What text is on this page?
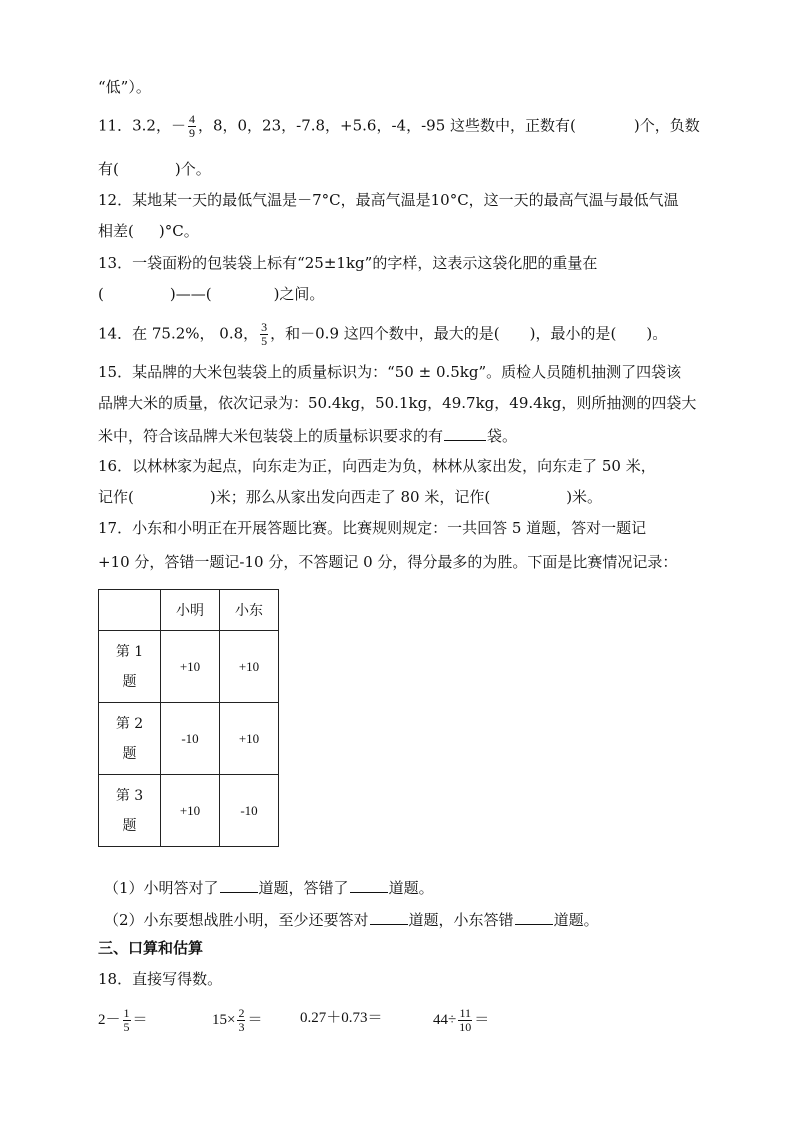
“低”）。
11．3.2，－ $\frac{4}{9}$ ，8，0，23，-7.8，+5.6，-4，-95 这些数中，正数有(	)个，负数
有(	)个。
12．某地某一天的最低气温是－7°C，最高气温是10°C，这一天的最高气温与最低气温
相差( )°C。
13．一袋面粉的包装袋上标有“25±1kg”的字样，这表示这袋化肥的重量在
(	)——(	)之间。
14．在 75.2%， 0.8， $\frac{3}{5}$ ，和－0.9 这四个数中，最大的是( )，最小的是( )。
15．某品牌的大米包装袋上的质量标识为：“50 ± 0.5kg”。质检人员随机抽测了四袋该
品牌大米的质量，依次记录为：50.4kg，50.1kg，49.7kg，49.4kg，则所抽测的四袋大
米中，符合该品牌大米包装袋上的质量标识要求的有	袋。
16．以林林家为起点，向东走为正，向西走为负，林林从家出发，向东走了 50 米，
记作(	)米；那么从家出发向西走了 80 米，记作(	)米。
17．小东和小明正在开展答题比赛。比赛规则规定：一共回答 5 道题，答对一题记
+10 分，答错一题记-10 分，不答题记 0 分，得分最多的为胜。下面是比赛情况记录：
	小明	小东

第 1
题	+10	+10

第 2
题	-10	+10

第 3
题	+10	-10
（1）小明答对了	道题，答错了	道题。
（2）小东要想战胜小明，至少还要答对	道题，小东答错	道题。
三、口算和估算
18．直接写得数。
$2- \frac{1}{5}$ ＝	$15\times \frac{2}{3}$ ＝	0.27＋0.73＝	$44\div \frac{11}{10}$ ＝
